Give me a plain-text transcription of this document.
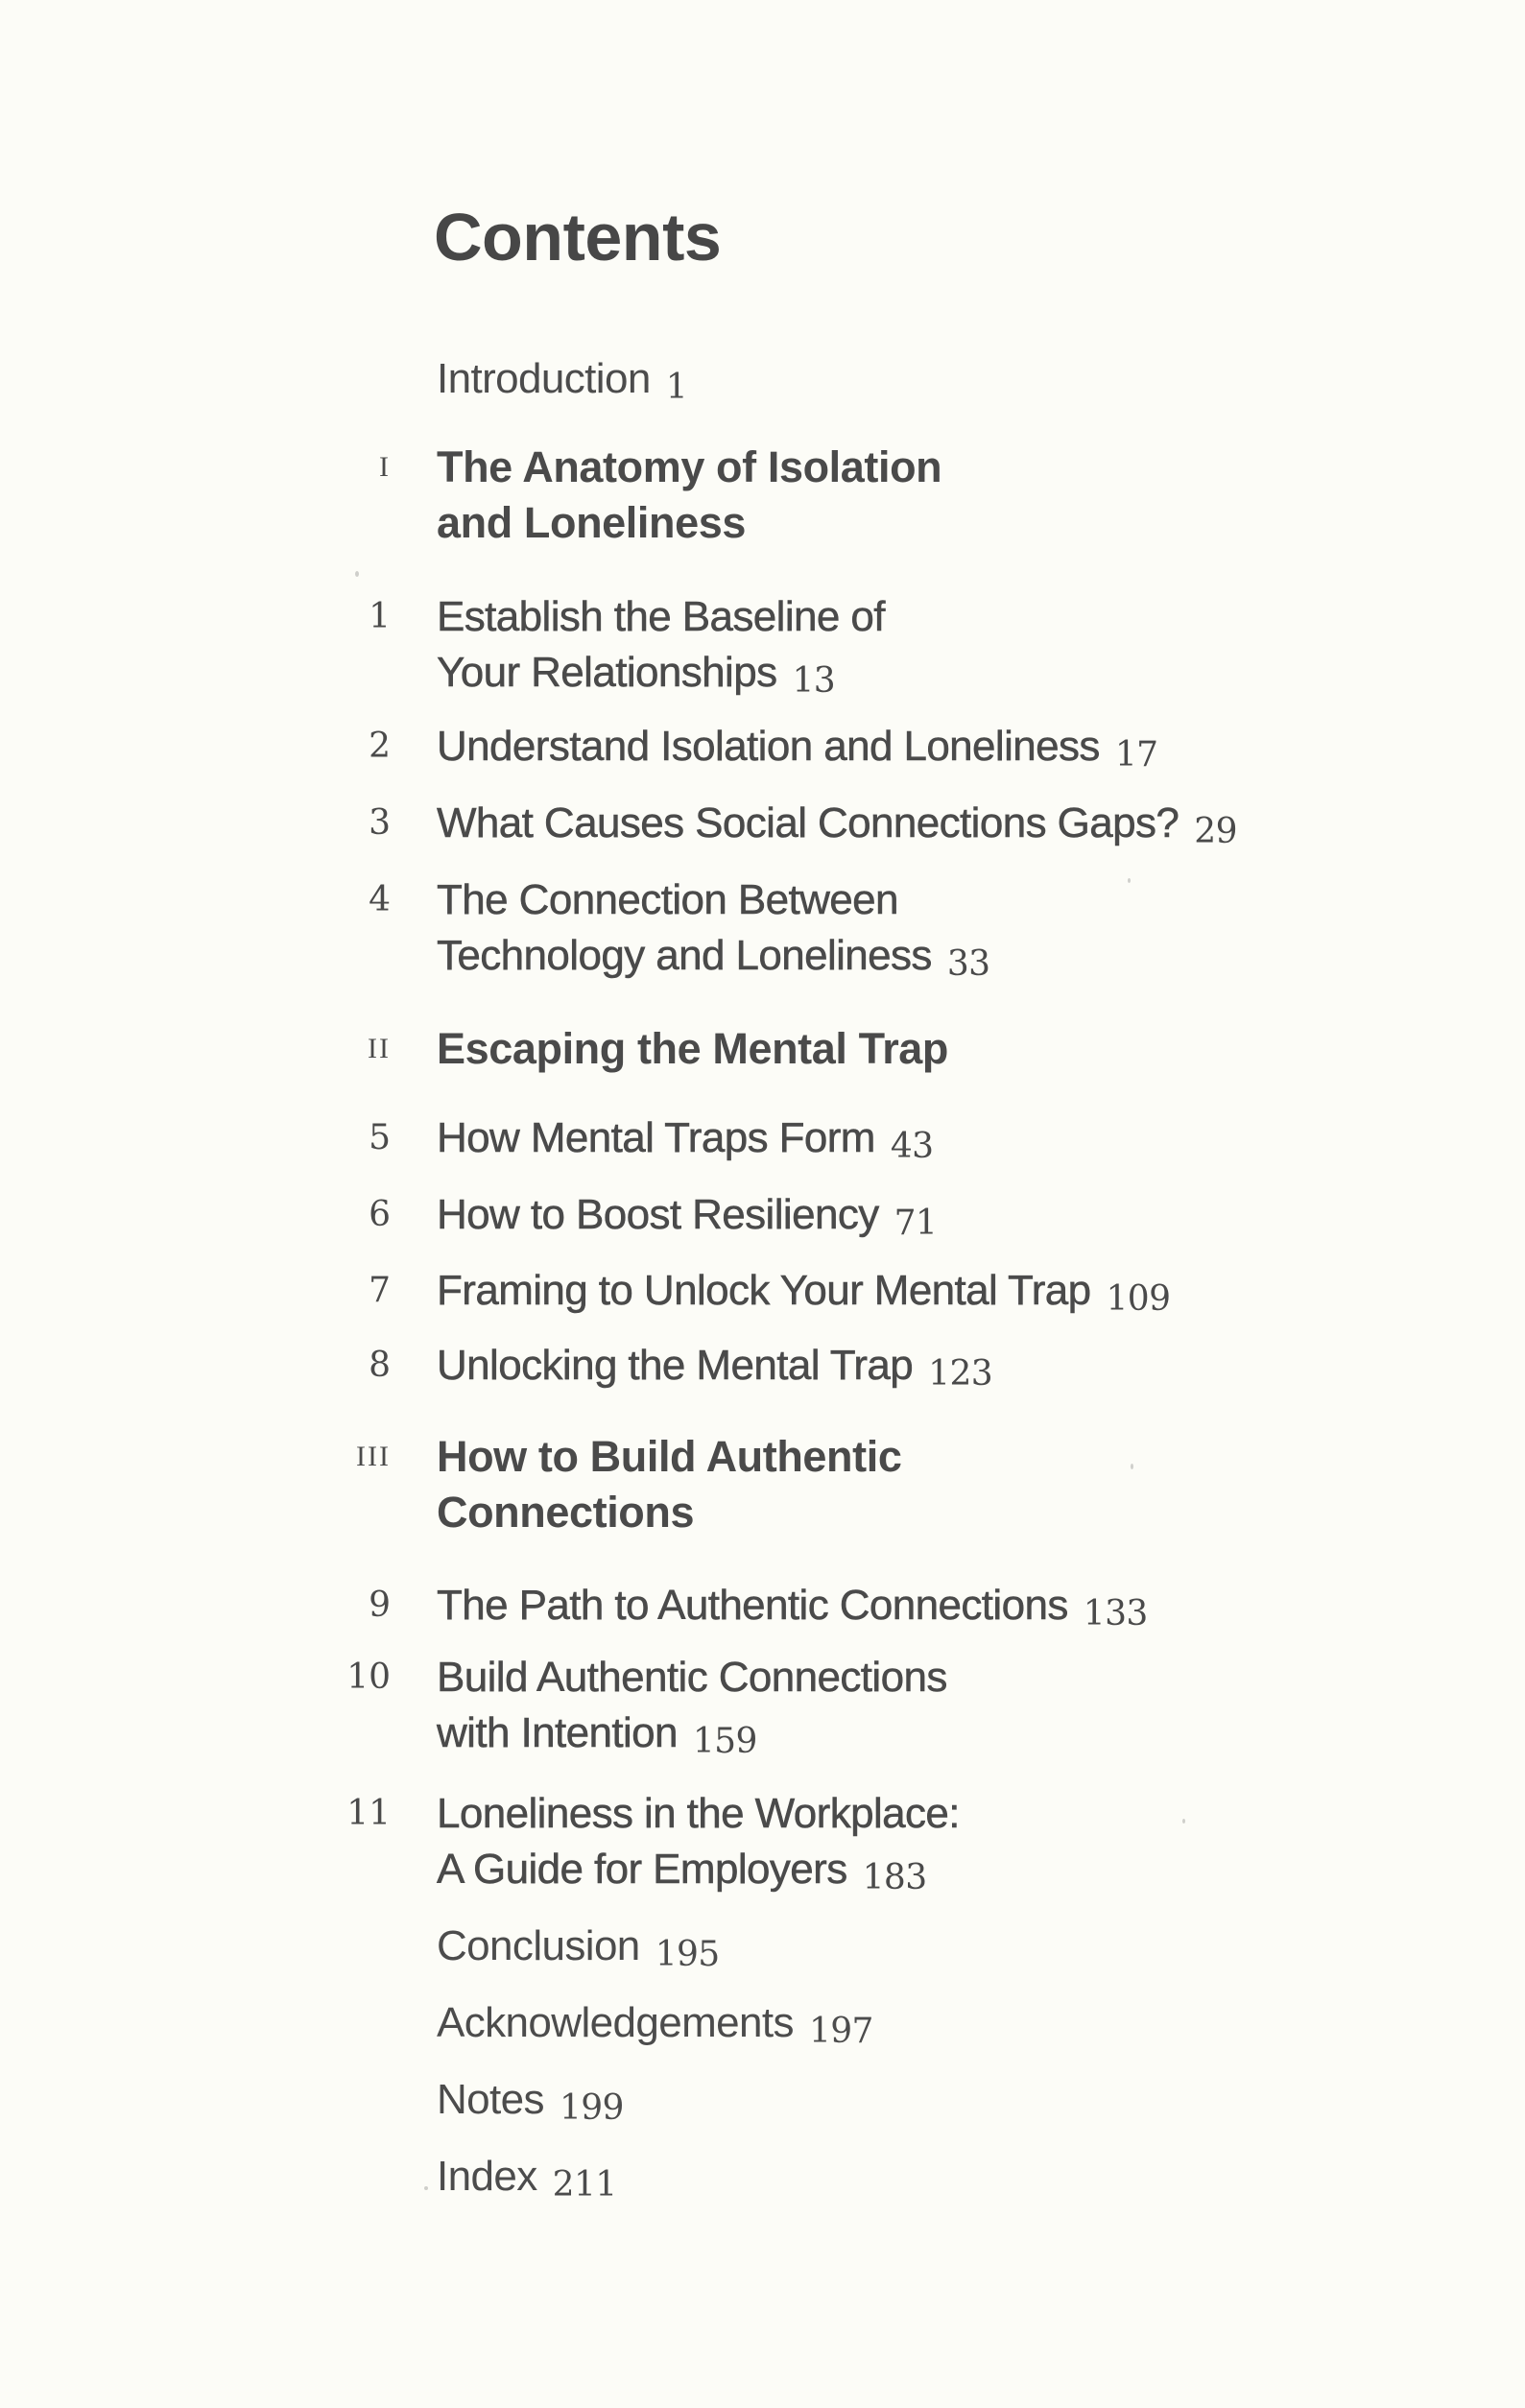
Contents
Introduction 1
I The Anatomy of Isolation
and Loneliness
1 Establish the Baseline of
Your Relationships 13
2 Understand Isolation and Loneliness 17
3 What Causes Social Connections Gaps? 29
4 The Connection Between
Technology and Loneliness 33
II Escaping the Mental Trap
5 How Mental Traps Form 43
6 How to Boost Resiliency 71
7 Framing to Unlock Your Mental Trap 109
8 Unlocking the Mental Trap 123
III How to Build Authentic
Connections
9 The Path to Authentic Connections 133
10 Build Authentic Connections
with Intention 159
11 Loneliness in the Workplace:
A Guide for Employers 183
Conclusion 195
Acknowledgements 197
Notes 199
Index 211
